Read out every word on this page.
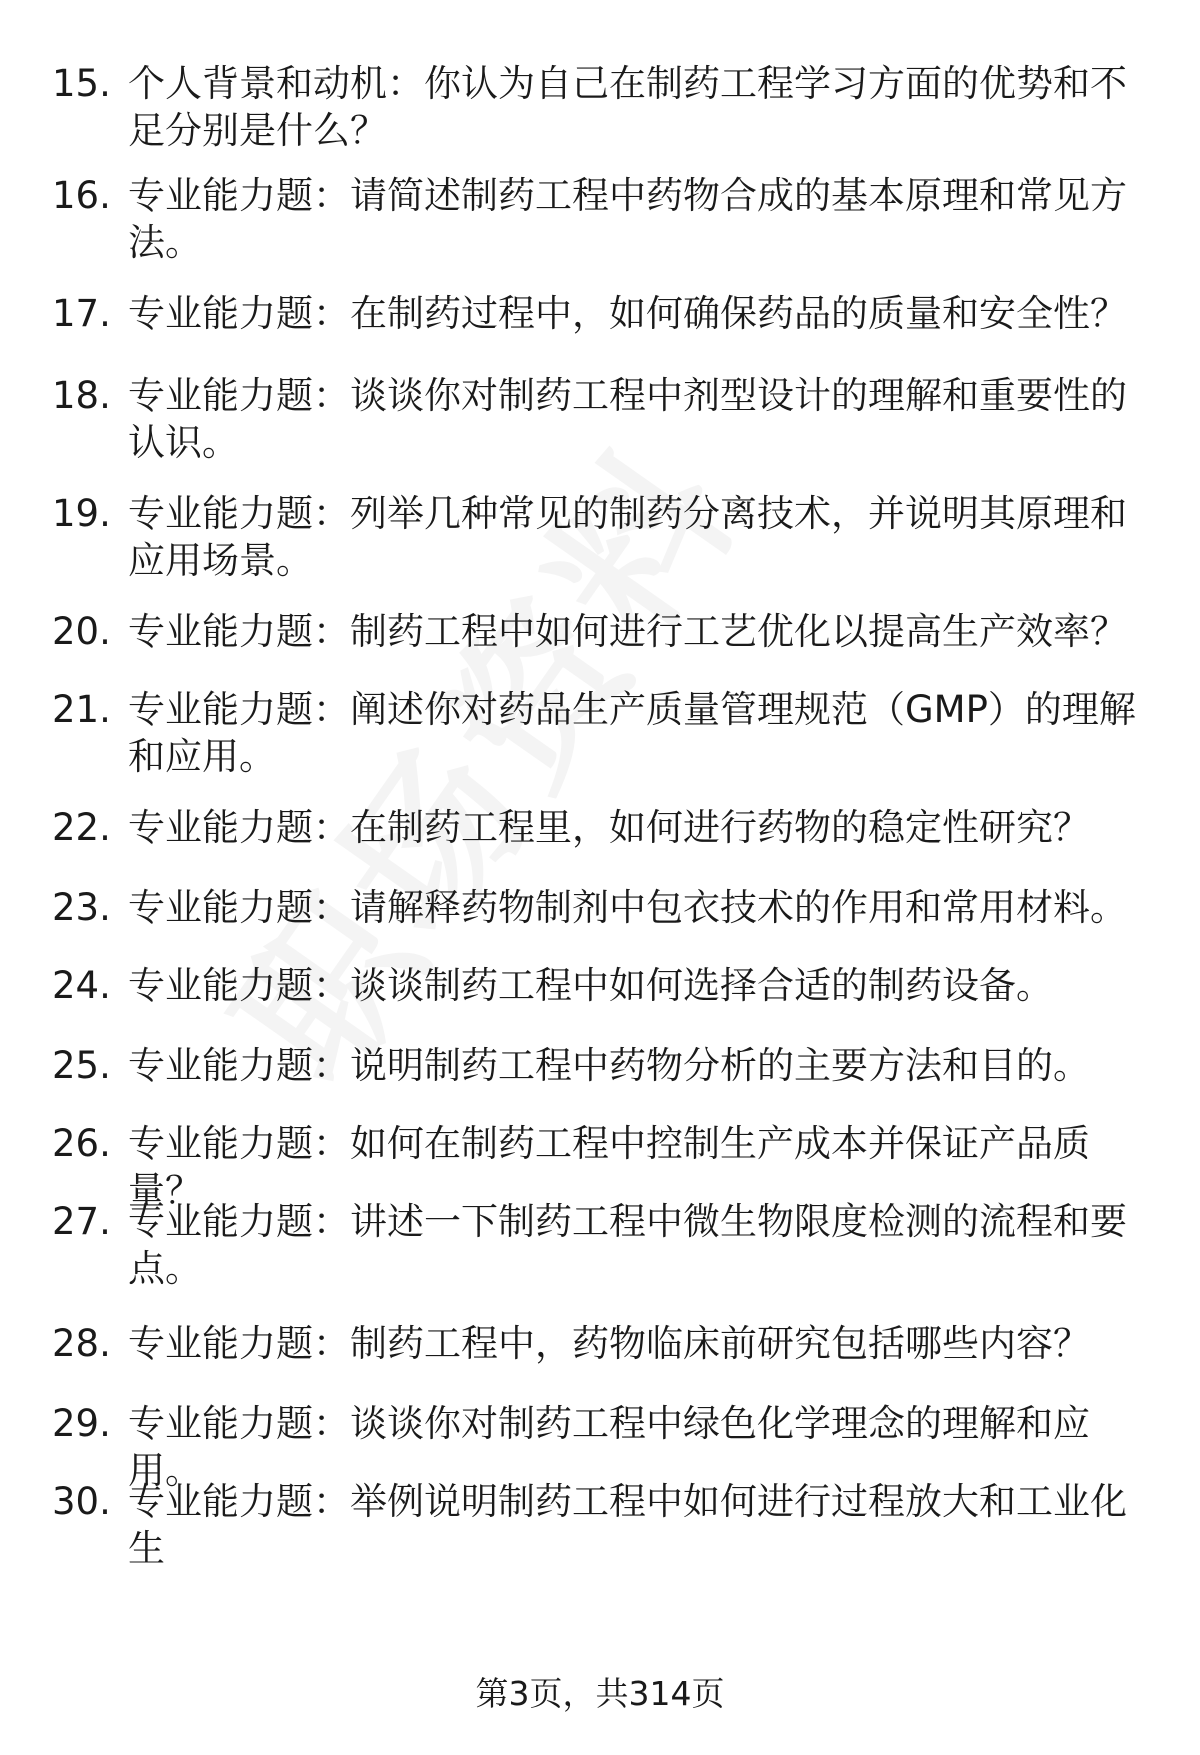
15. 个人背景和动机：你认为自己在制药工程学习方面的优势和不足分别是什么？
16. 专业能力题：请简述制药工程中药物合成的基本原理和常见方法。
17. 专业能力题：在制药过程中，如何确保药品的质量和安全性？
18. 专业能力题：谈谈你对制药工程中剂型设计的理解和重要性的认识。
19. 专业能力题：列举几种常见的制药分离技术，并说明其原理和应用场景。
20. 专业能力题：制药工程中如何进行工艺优化以提高生产效率？
21. 专业能力题：阐述你对药品生产质量管理规范（GMP）的理解和应用。
22. 专业能力题：在制药工程里，如何进行药物的稳定性研究？
23. 专业能力题：请解释药物制剂中包衣技术的作用和常用材料。
24. 专业能力题：谈谈制药工程中如何选择合适的制药设备。
25. 专业能力题：说明制药工程中药物分析的主要方法和目的。
26. 专业能力题：如何在制药工程中控制生产成本并保证产品质量？
27. 专业能力题：讲述一下制药工程中微生物限度检测的流程和要点。
28. 专业能力题：制药工程中，药物临床前研究包括哪些内容？
29. 专业能力题：谈谈你对制药工程中绿色化学理念的理解和应用。
30. 专业能力题：举例说明制药工程中如何进行过程放大和工业化生
第3页，共314页
